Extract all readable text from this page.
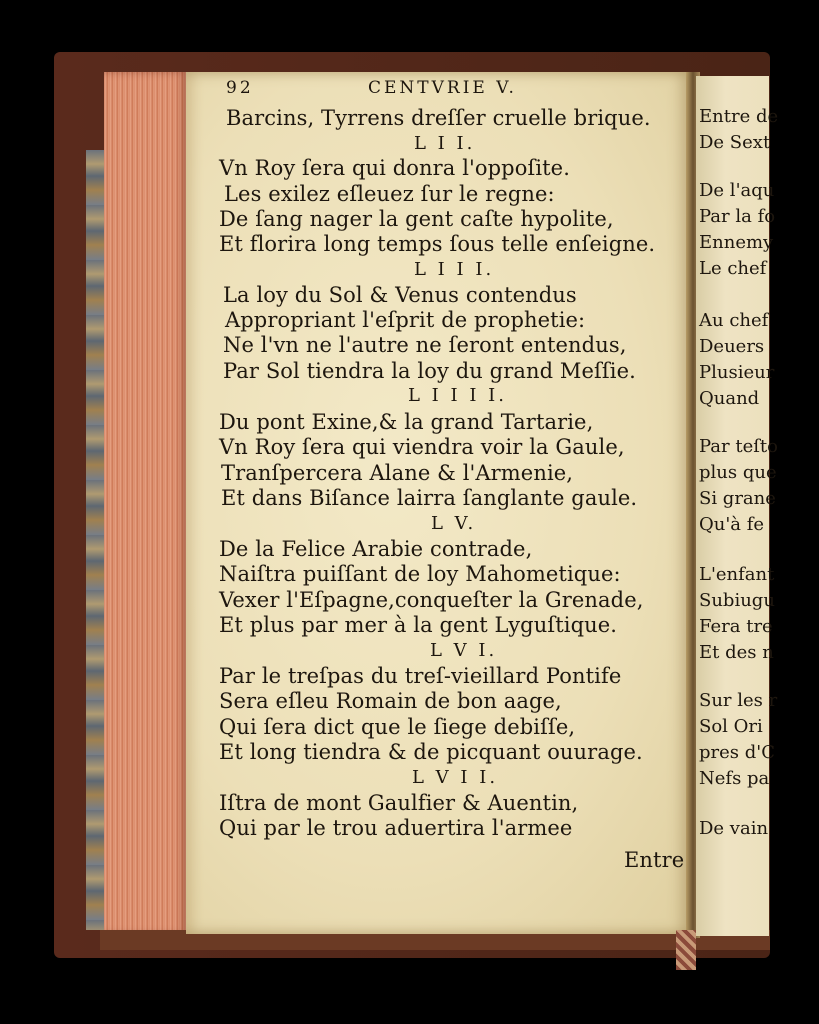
92	CENTVRIE V.
Barcins, Tyrrens dreſſer cruelle brique.
L I I.
Vn Roy ſera qui donra l'oppoſite.
Les exilez eſleuez ſur le regne:
De ſang nager la gent caſte hypolite,
Et florira long temps ſous telle enſeigne.
L I I I.
La loy du Sol & Venus contendus
Appropriant l'eſprit de prophetie:
Ne l'vn ne l'autre ne ſeront entendus,
Par Sol tiendra la loy du grand Meſſie.
L I I I I.
Du pont Exine,& la grand Tartarie,
Vn Roy ſera qui viendra voir la Gaule,
Tranſpercera Alane & l'Armenie,
Et dans Biſance lairra ſanglante gaule.
L V.
De la Felice Arabie contrade,
Naiſtra puiſſant de loy Mahometique:
Vexer l'Eſpagne,conqueſter la Grenade,
Et plus par mer à la gent Lyguſtique.
L V I.
Par le treſpas du treſ-vieillard Pontife
Sera eſleu Romain de bon aage,
Qui ſera dict que le ſiege debiſſe,
Et long tiendra & de picquant ouurage.
L V I I.
Iſtra de mont Gaulfier & Auentin,
Qui par le trou aduertira l'armee
Entre
Entre de
De Sext
De l'aqu
Par la fo
Ennemy
Le chef
Au chef
Deuers
Plusieur
Quand
Par teſto
plus que
Si grane
Qu'à fe
L'enfant
Subiugu
Fera tre
Et des n
Sur les r
Sol Ori
pres d'C
Nefs pa
De vain
